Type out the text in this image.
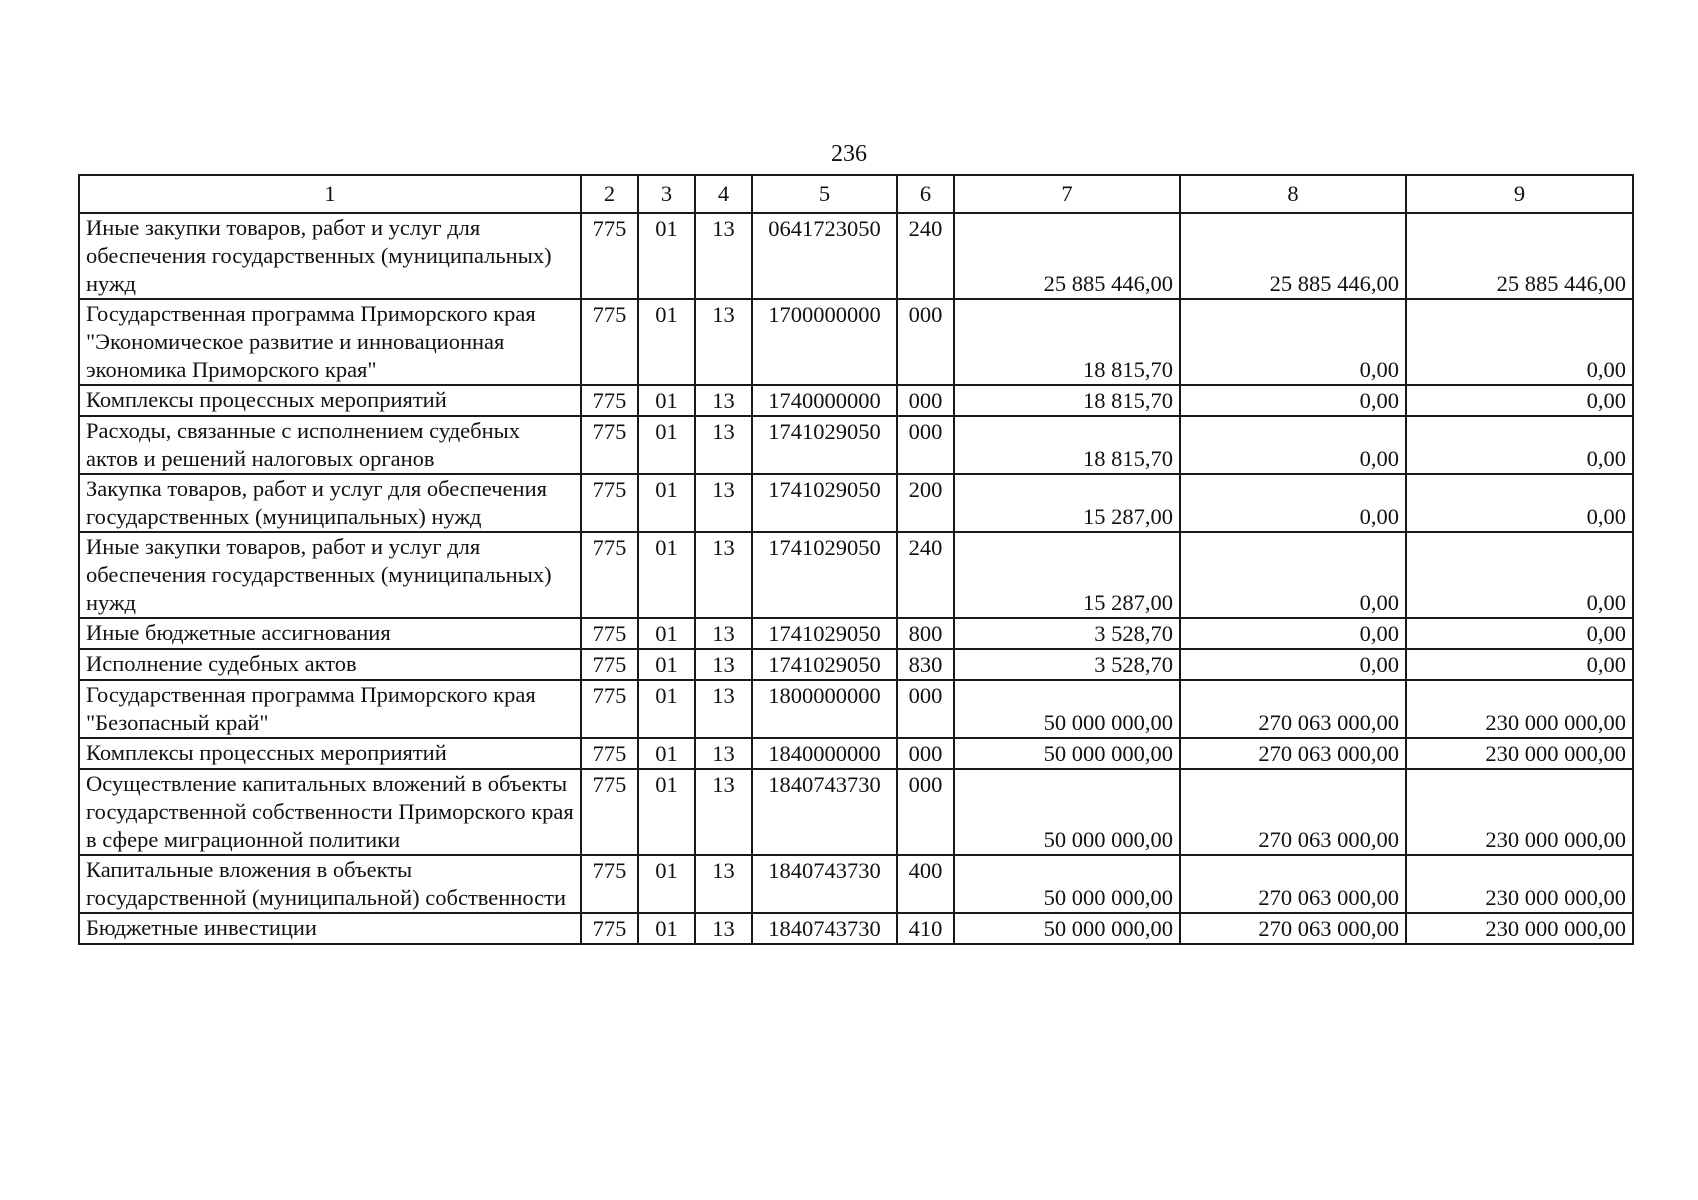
236
1	2	3	4	5	6	7	8	9
Иные закупки товаров, работ и услуг для обеспечения государственных (муниципальных) нужд	775	01	13	0641723050	240	25 885 446,00	25 885 446,00	25 885 446,00
Государственная программа Приморского края "Экономическое развитие и инновационная экономика Приморского края"	775	01	13	1700000000	000	18 815,70	0,00	0,00
Комплексы процессных мероприятий	775	01	13	1740000000	000	18 815,70	0,00	0,00
Расходы, связанные с исполнением судебных актов и решений налоговых органов	775	01	13	1741029050	000	18 815,70	0,00	0,00
Закупка товаров, работ и услуг для обеспечения государственных (муниципальных) нужд	775	01	13	1741029050	200	15 287,00	0,00	0,00
Иные закупки товаров, работ и услуг для обеспечения государственных (муниципальных) нужд	775	01	13	1741029050	240	15 287,00	0,00	0,00
Иные бюджетные ассигнования	775	01	13	1741029050	800	3 528,70	0,00	0,00
Исполнение судебных актов	775	01	13	1741029050	830	3 528,70	0,00	0,00
Государственная программа Приморского края "Безопасный край"	775	01	13	1800000000	000	50 000 000,00	270 063 000,00	230 000 000,00
Комплексы процессных мероприятий	775	01	13	1840000000	000	50 000 000,00	270 063 000,00	230 000 000,00
Осуществление капитальных вложений в объекты государственной собственности Приморского края в сфере миграционной политики	775	01	13	1840743730	000	50 000 000,00	270 063 000,00	230 000 000,00
Капитальные вложения в объекты государственной (муниципальной) собственности	775	01	13	1840743730	400	50 000 000,00	270 063 000,00	230 000 000,00
Бюджетные инвестиции	775	01	13	1840743730	410	50 000 000,00	270 063 000,00	230 000 000,00
